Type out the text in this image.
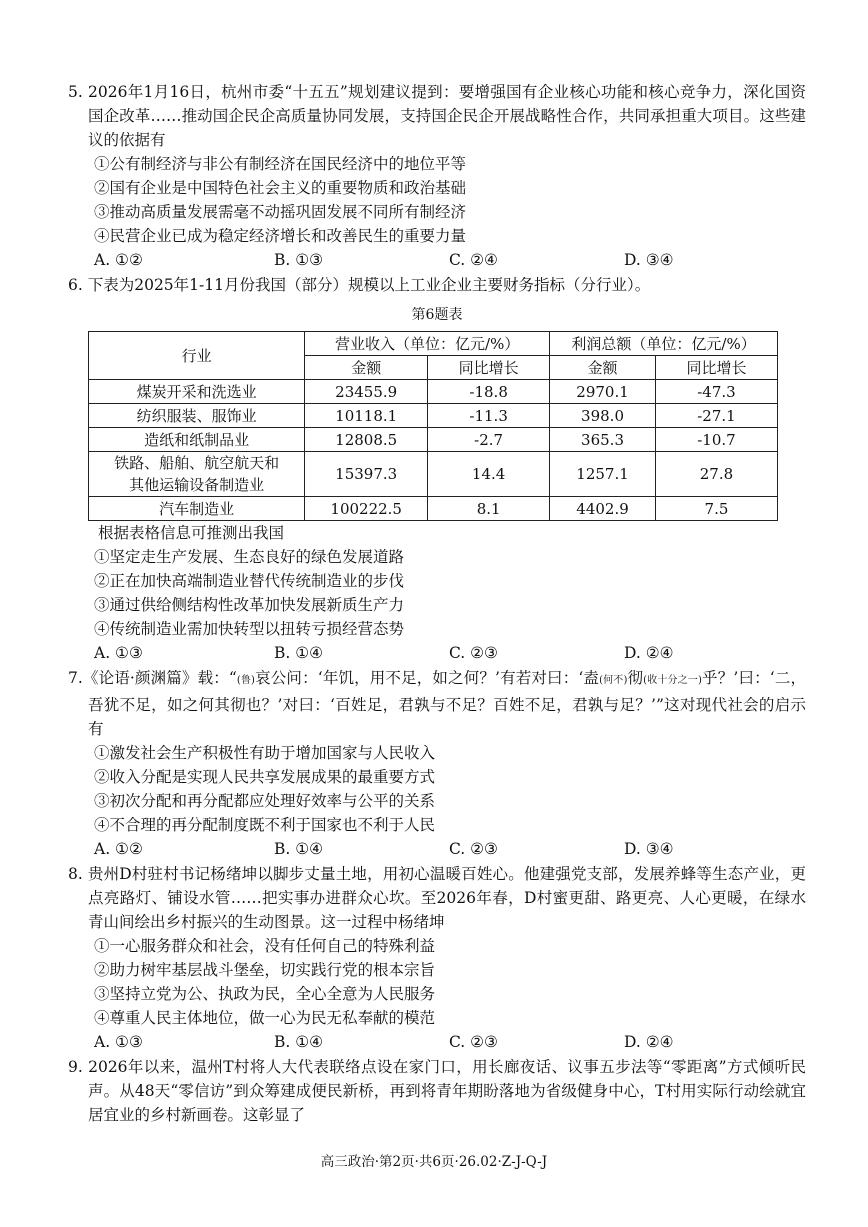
5. 2026年1月16日，杭州市委“十五五”规划建议提到：要增强国有企业核心功能和核心竞争力，深化国资国企改革……推动国企民企高质量协同发展，支持国企民企开展战略性合作，共同承担重大项目。这些建议的依据有
①公有制经济与非公有制经济在国民经济中的地位平等
②国有企业是中国特色社会主义的重要物质和政治基础
③推动高质量发展需毫不动摇巩固发展不同所有制经济
④民营企业已成为稳定经济增长和改善民生的重要力量
A. ①②	B. ①③	C. ②④	D. ③④
6. 下表为2025年1-11月份我国（部分）规模以上工业企业主要财务指标（分行业）。
第6题表
行业	营业收入（单位：亿元/%）		利润总额（单位：亿元/%）	
	金额	同比增长	金额	同比增长
煤炭开采和洗选业	23455.9	-18.8	2970.1	-47.3
纺织服装、服饰业	10118.1	-11.3	398.0	-27.1
造纸和纸制品业	12808.5	-2.7	365.3	-10.7

铁路、船舶、航空航天和
其他运输设备制造业	15397.3	14.4	1257.1	27.8
汽车制造业	100222.5	8.1	4402.9	7.5
根据表格信息可推测出我国
①坚定走生产发展、生态良好的绿色发展道路
②正在加快高端制造业替代传统制造业的步伐
③通过供给侧结构性改革加快发展新质生产力
④传统制造业需加快转型以扭转亏损经营态势
A. ①③	B. ①④	C. ②③	D. ②④
7.《论语·颜渊篇》载：“(鲁)哀公问：‘年饥，用不足，如之何？’有若对曰：‘盍(何不)彻(收十分之一)乎？’曰：‘二，吾犹不足，如之何其彻也？’对曰：‘百姓足，君孰与不足？百姓不足，君孰与足？’”这对现代社会的启示有
①激发社会生产积极性有助于增加国家与人民收入
②收入分配是实现人民共享发展成果的最重要方式
③初次分配和再分配都应处理好效率与公平的关系
④不合理的再分配制度既不利于国家也不利于人民
A. ①②	B. ①④	C. ②③	D. ③④
8. 贵州D村驻村书记杨绪坤以脚步丈量土地，用初心温暖百姓心。他建强党支部，发展养蜂等生态产业，更点亮路灯、铺设水管……把实事办进群众心坎。至2026年春，D村蜜更甜、路更亮、人心更暖，在绿水青山间绘出乡村振兴的生动图景。这一过程中杨绪坤
①一心服务群众和社会，没有任何自己的特殊利益
②助力树牢基层战斗堡垒，切实践行党的根本宗旨
③坚持立党为公、执政为民，全心全意为人民服务
④尊重人民主体地位，做一心为民无私奉献的模范
A. ①③	B. ①④	C. ②③	D. ②④
9. 2026年以来，温州T村将人大代表联络点设在家门口，用长廊夜话、议事五步法等“零距离”方式倾听民声。从48天“零信访”到众筹建成便民新桥，再到将青年期盼落地为省级健身中心，T村用实际行动绘就宜居宜业的乡村新画卷。这彰显了
高三政治·第2页·共6页·26.02·Z-J-Q-J
